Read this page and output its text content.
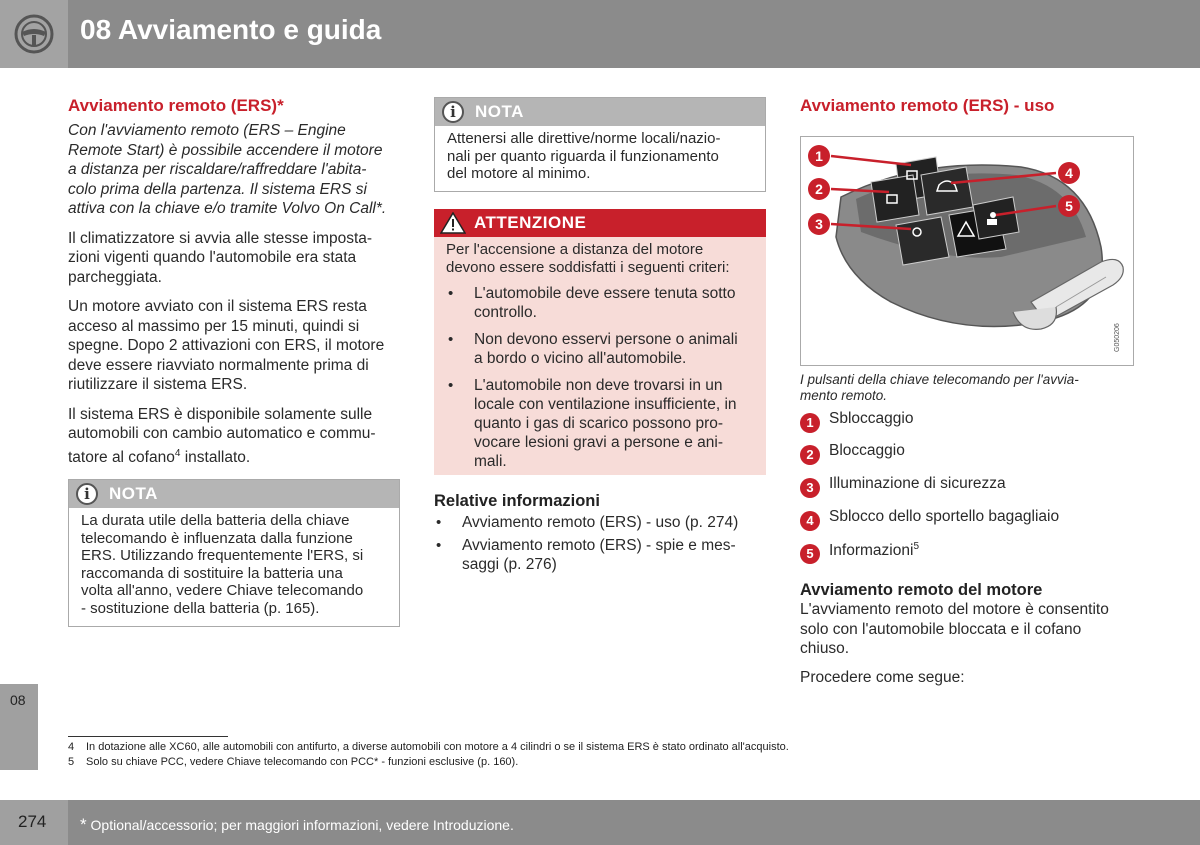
08 Avviamento e guida
Avviamento remoto (ERS)*

Con l'avviamento remoto (ERS – Engine
Remote Start) è possibile accendere il motore
a distanza per riscaldare/raffreddare l'abita-
colo prima della partenza. Il sistema ERS si
attiva con la chiave e/o tramite Volvo On Call*.

Il climatizzatore si avvia alle stesse imposta-
zioni vigenti quando l'automobile era stata
parcheggiata.

Un motore avviato con il sistema ERS resta
acceso al massimo per 15 minuti, quindi si
spegne. Dopo 2 attivazioni con ERS, il motore
deve essere riavviato normalmente prima di
riutilizzare il sistema ERS.

Il sistema ERS è disponibile solamente sulle
automobili con cambio automatico e commu-
tatore al cofano$^4$ installato.

i
NOTA
La durata utile della batteria della chiave
telecomando è influenzata dalla funzione
ERS. Utilizzando frequentemente l'ERS, si
raccomanda di sostituire la batteria una
volta all'anno, vedere Chiave telecomando
- sostituzione della batteria (p. 165).
i
NOTA
Attenersi alle direttive/norme locali/nazio-
nali per quanto riguarda il funzionamento
del motore al minimo.
ATTENZIONE

Per l'accensione a distanza del motore
devono essere soddisfatti i seguenti criteri:

• L'automobile deve essere tenuta sotto
controllo.
• Non devono esservi persone o animali
a bordo o vicino all'automobile.
• L'automobile non deve trovarsi in un
locale con ventilazione insufficiente, in
quanto i gas di scarico possono pro-
vocare lesioni gravi a persone e ani-
mali.
Relative informazioni
• Avviamento remoto (ERS) - uso (p. 274)
• Avviamento remoto (ERS) - spie e mes-
saggi (p. 276)
Avviamento remoto (ERS) - uso
1
2
3
4
5
G050206
I pulsanti della chiave telecomando per l'avvia-
mento remoto.
1 Sbloccaggio
2 Bloccaggio
3 Illuminazione di sicurezza
4 Sblocco dello sportello bagagliaio
5 Informazioni$^5$
Avviamento remoto del motore

L'avviamento remoto del motore è consentito
solo con l'automobile bloccata e il cofano
chiuso.

Procedere come segue:

08
4 In dotazione alle XC60, alle automobili con antifurto, a diverse automobili con motore a 4 cilindri o se il sistema ERS è stato ordinato all'acquisto.
5 Solo su chiave PCC, vedere Chiave telecomando con PCC* - funzioni esclusive (p. 160).
274 * Optional/accessorio; per maggiori informazioni, vedere Introduzione.
